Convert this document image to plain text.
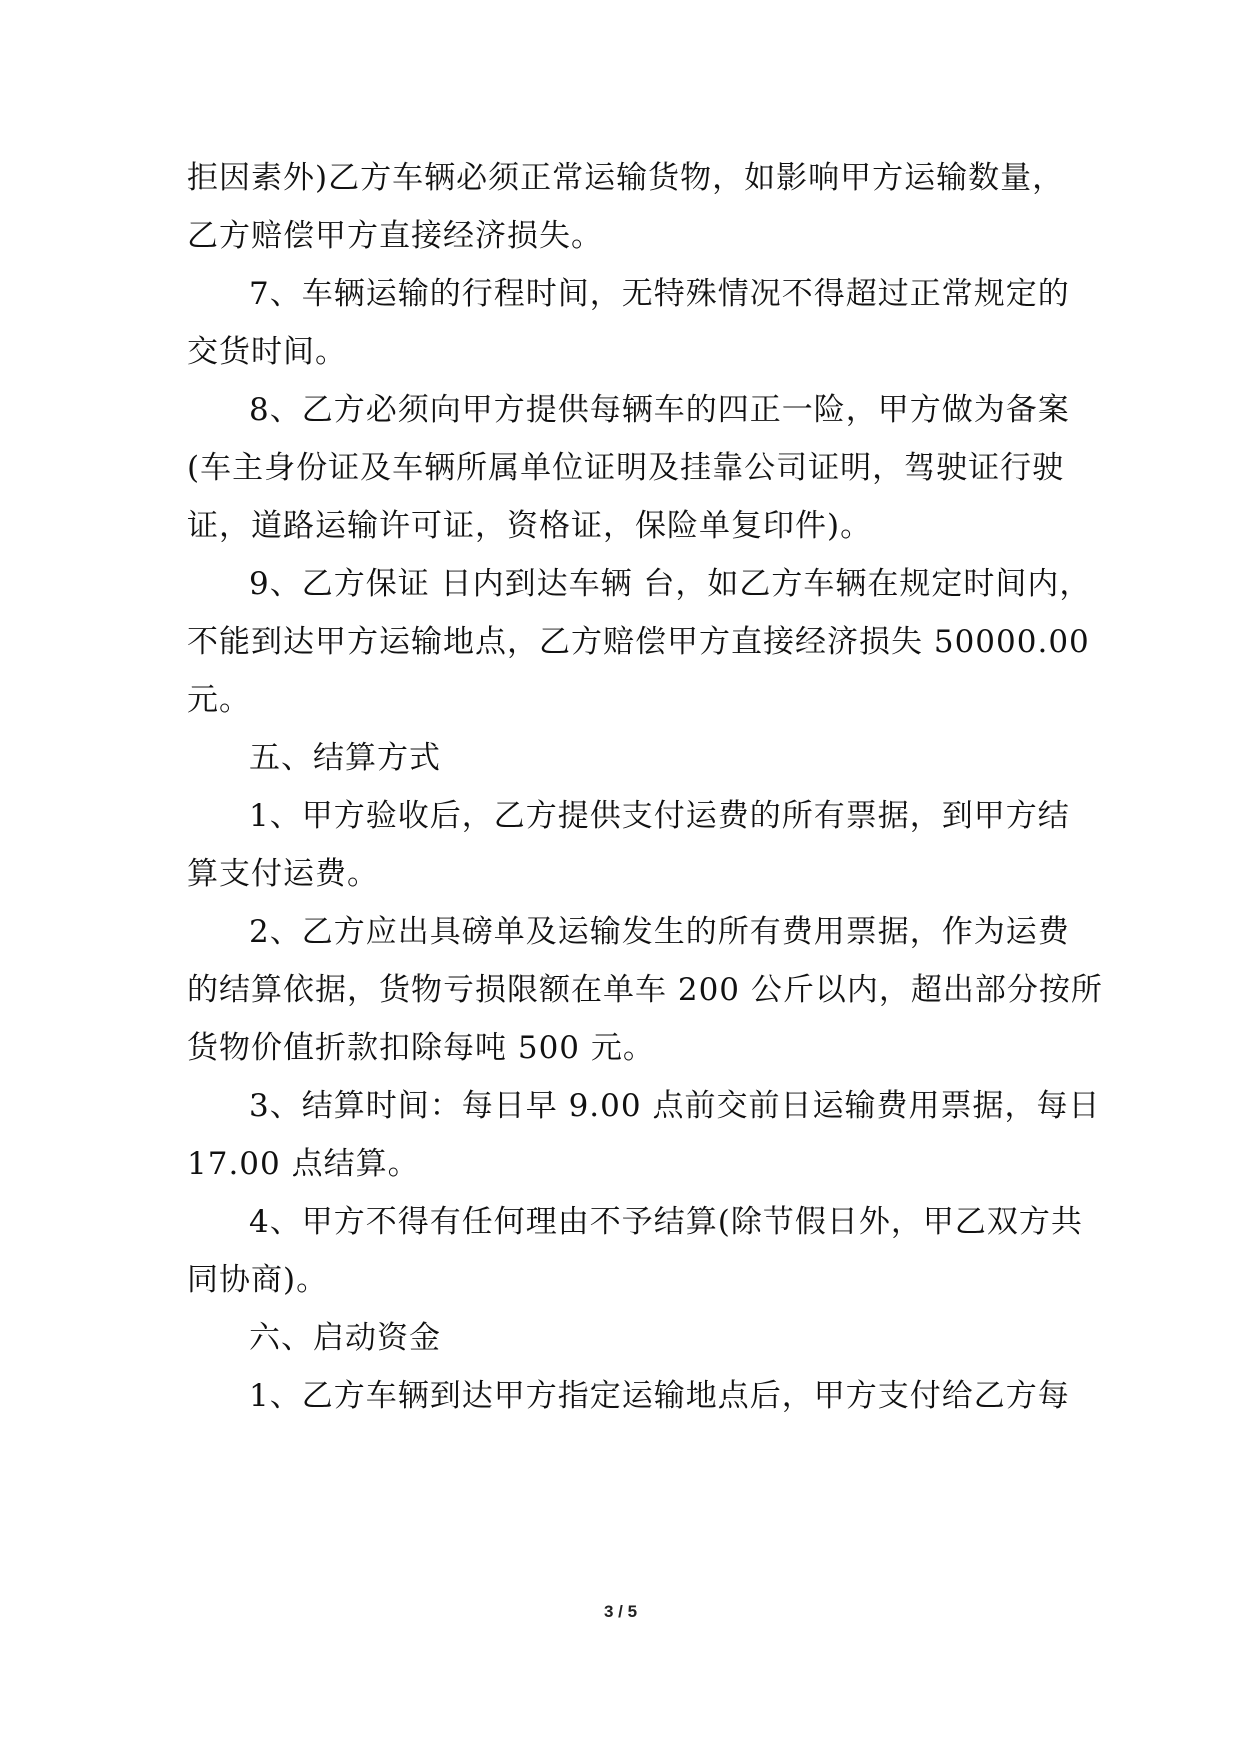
拒因素外)乙方车辆必须正常运输货物，如影响甲方运输数量，
乙方赔偿甲方直接经济损失。
7、车辆运输的行程时间，无特殊情况不得超过正常规定的
交货时间。
8、乙方必须向甲方提供每辆车的四正一险，甲方做为备案
(车主身份证及车辆所属单位证明及挂靠公司证明，驾驶证行驶
证，道路运输许可证，资格证，保险单复印件)。
9、乙方保证 日内到达车辆 台，如乙方车辆在规定时间内，
不能到达甲方运输地点，乙方赔偿甲方直接经济损失 50000.00
元。
五、结算方式
1、甲方验收后，乙方提供支付运费的所有票据，到甲方结
算支付运费。
2、乙方应出具磅单及运输发生的所有费用票据，作为运费
的结算依据，货物亏损限额在单车 200 公斤以内，超出部分按所
货物价值折款扣除每吨 500 元。
3、结算时间：每日早 9.00 点前交前日运输费用票据，每日
17.00 点结算。
4、甲方不得有任何理由不予结算(除节假日外，甲乙双方共
同协商)。
六、启动资金
1、乙方车辆到达甲方指定运输地点后，甲方支付给乙方每
3 / 5
